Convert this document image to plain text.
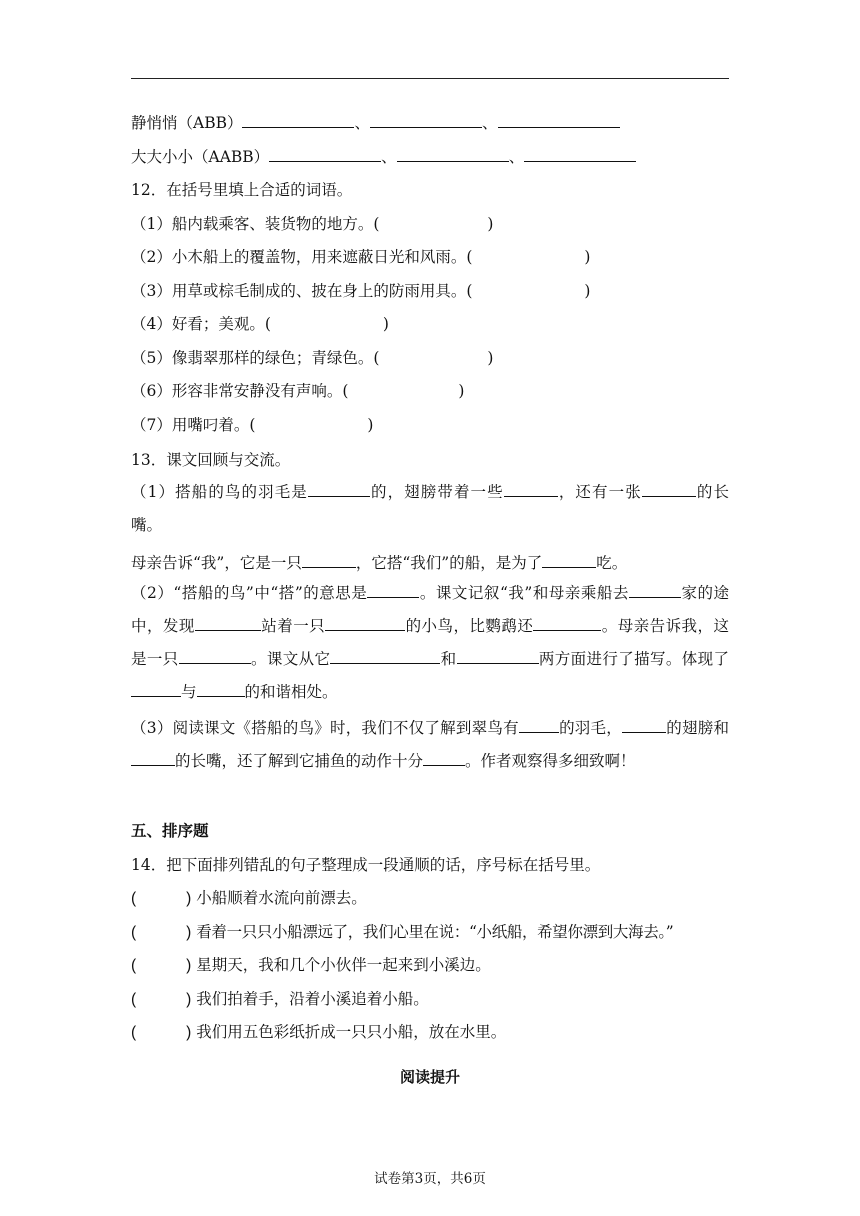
静悄悄（ABB）	、	、
大大小小（AABB）	、	、
12．在括号里填上合适的词语。
（1）船内载乘客、装货物的地方。(	)
（2）小木船上的覆盖物，用来遮蔽日光和风雨。(	)
（3）用草或棕毛制成的、披在身上的防雨用具。(	)
（4）好看；美观。(	)
（5）像翡翠那样的绿色；青绿色。(	)
（6）形容非常安静没有声响。(	)
（7）用嘴叼着。(	)
13．课文回顾与交流。
（1）搭船的鸟的羽毛是	的，翅膀带着一些	，还有一张	的长嘴。
母亲告诉“我”，它是一只	，它搭“我们”的船，是为了	吃。
（2）“搭船的鸟”中“搭”的意思是	。课文记叙“我”和母亲乘船去	家的途中，发现	站着一只	的小鸟，比鹦鹉还	。母亲告诉我，这是一只	。课文从它	和	两方面进行了描写。体现了与	的和谐相处。
（3）阅读课文《搭船的鸟》时，我们不仅了解到翠鸟有	的羽毛，	的翅膀和的长嘴，还了解到它捕鱼的动作十分	。作者观察得多细致啊！
五、排序题
14．把下面排列错乱的句子整理成一段通顺的话，序号标在括号里。
(	) 小船顺着水流向前漂去。
(	) 看着一只只小船漂远了，我们心里在说：“小纸船，希望你漂到大海去。”
(	) 星期天，我和几个小伙伴一起来到小溪边。
(	) 我们拍着手，沿着小溪追着小船。
(	) 我们用五色彩纸折成一只只小船，放在水里。
阅读提升
试卷第3页，共6页
